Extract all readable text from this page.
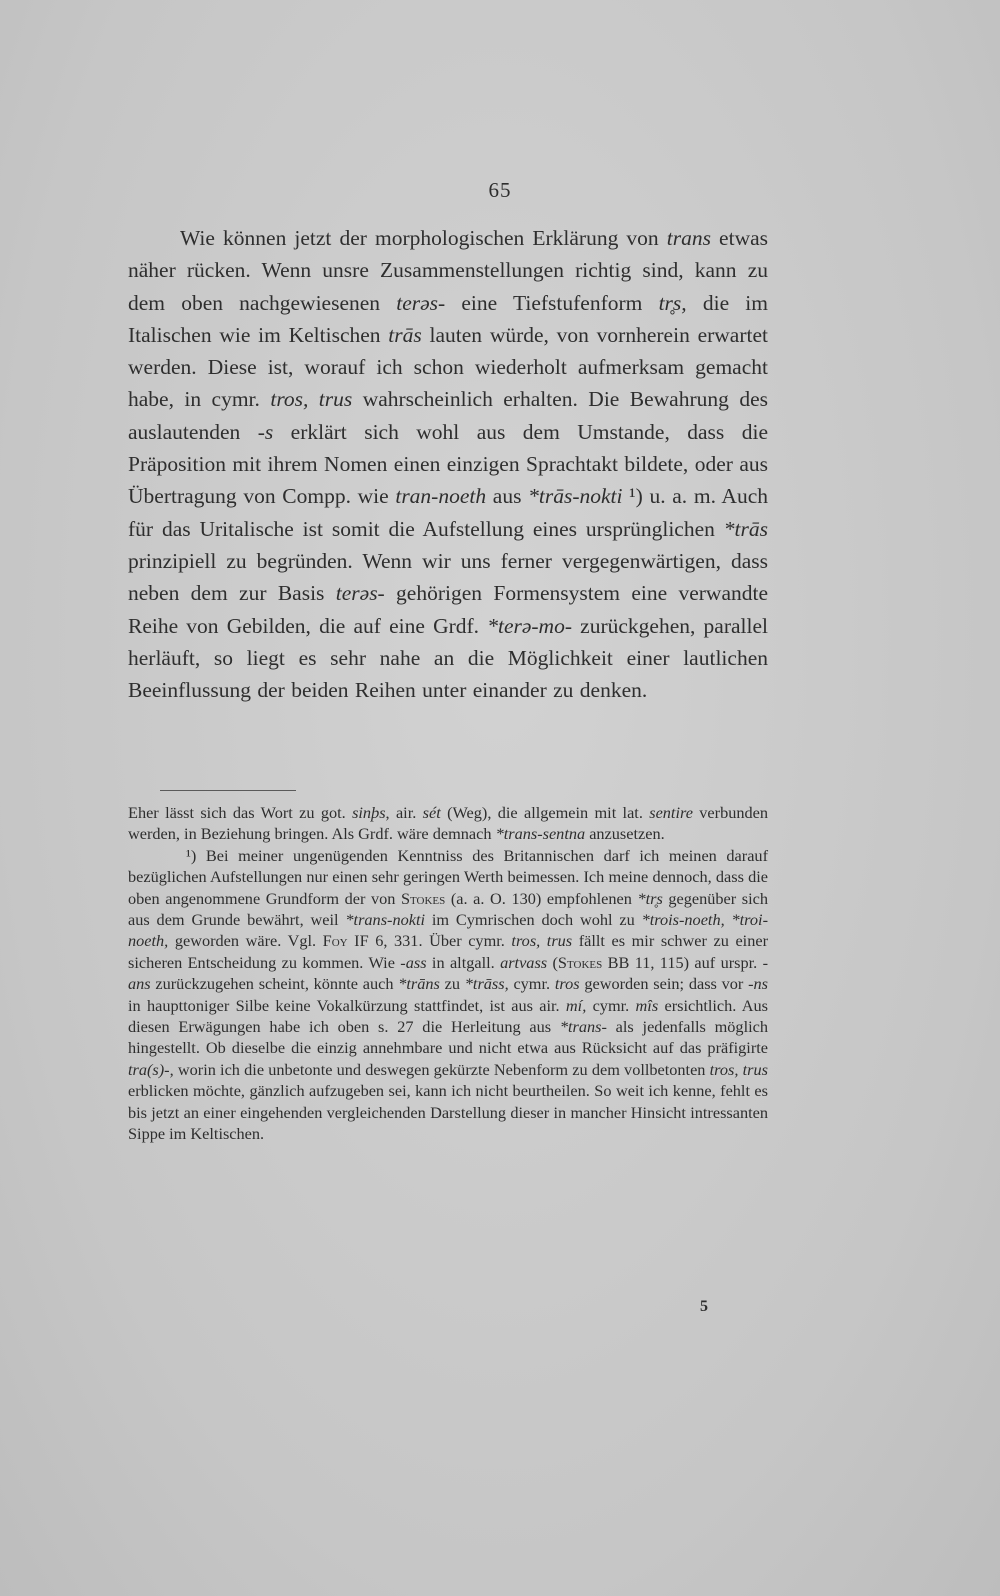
65

Wie können jetzt der morphologischen Erklärung von trans etwas näher rücken. Wenn unsre Zusammenstellungen richtig sind, kann zu dem oben nachgewiesenen terəs- eine Tiefstufenform tr̥s, die im Italischen wie im Keltischen trās lauten würde, von vornherein erwartet werden. Diese ist, worauf ich schon wiederholt aufmerksam gemacht habe, in cymr. tros, trus wahrscheinlich erhalten. Die Bewahrung des auslautenden -s erklärt sich wohl aus dem Umstande, dass die Präposition mit ihrem Nomen einen einzigen Sprachtakt bildete, oder aus Übertragung von Compp. wie tran-noeth aus *trās-nokti ¹) u. a. m. Auch für das Uritalische ist somit die Aufstellung eines ursprünglichen *trās prinzipiell zu begründen. Wenn wir uns ferner vergegenwärtigen, dass neben dem zur Basis terəs- gehörigen Formensystem eine verwandte Reihe von Gebilden, die auf eine Grdf. *terə-mo- zurückgehen, parallel herläuft, so liegt es sehr nahe an die Möglichkeit einer lautlichen Beeinflussung der beiden Reihen unter einander zu denken.

Eher lässt sich das Wort zu got. sinþs, air. sét (Weg), die allgemein mit lat. sentire verbunden werden, in Beziehung bringen. Als Grdf. wäre demnach *trans-sentnа anzusetzen.

¹) Bei meiner ungenügenden Kenntniss des Britannischen darf ich meinen darauf bezüglichen Aufstellungen nur einen sehr geringen Werth beimessen. Ich meine dennoch, dass die oben angenommene Grundform der von Stokes (a. a. O. 130) empfohlenen *tr̥s gegenüber sich aus dem Grunde bewährt, weil *trans-nokti im Cymrischen doch wohl zu *trois-noeth, *troi-noeth, geworden wäre. Vgl. Foy IF 6, 331. Über cymr. tros, trus fällt es mir schwer zu einer sicheren Entscheidung zu kommen. Wie -ass in altgall. artvass (Stokes BB 11, 115) auf urspr. -ans zurückzugehen scheint, könnte auch *trāns zu *trāss, cymr. tros geworden sein; dass vor -ns in haupttoniger Silbe keine Vokalkürzung stattfindet, ist aus air. mí, cymr. mîs ersichtlich. Aus diesen Erwägungen habe ich oben s. 27 die Herleitung aus *trans- als jedenfalls möglich hingestellt. Ob dieselbe die einzig annehmbare und nicht etwa aus Rücksicht auf das präfigirte tra(s)-, worin ich die unbetonte und deswegen gekürzte Nebenform zu dem vollbetonten tros, trus erblicken möchte, gänzlich aufzugeben sei, kann ich nicht beurtheilen. So weit ich kenne, fehlt es bis jetzt an einer eingehenden vergleichenden Darstellung dieser in mancher Hinsicht intressanten Sippe im Keltischen.

5
